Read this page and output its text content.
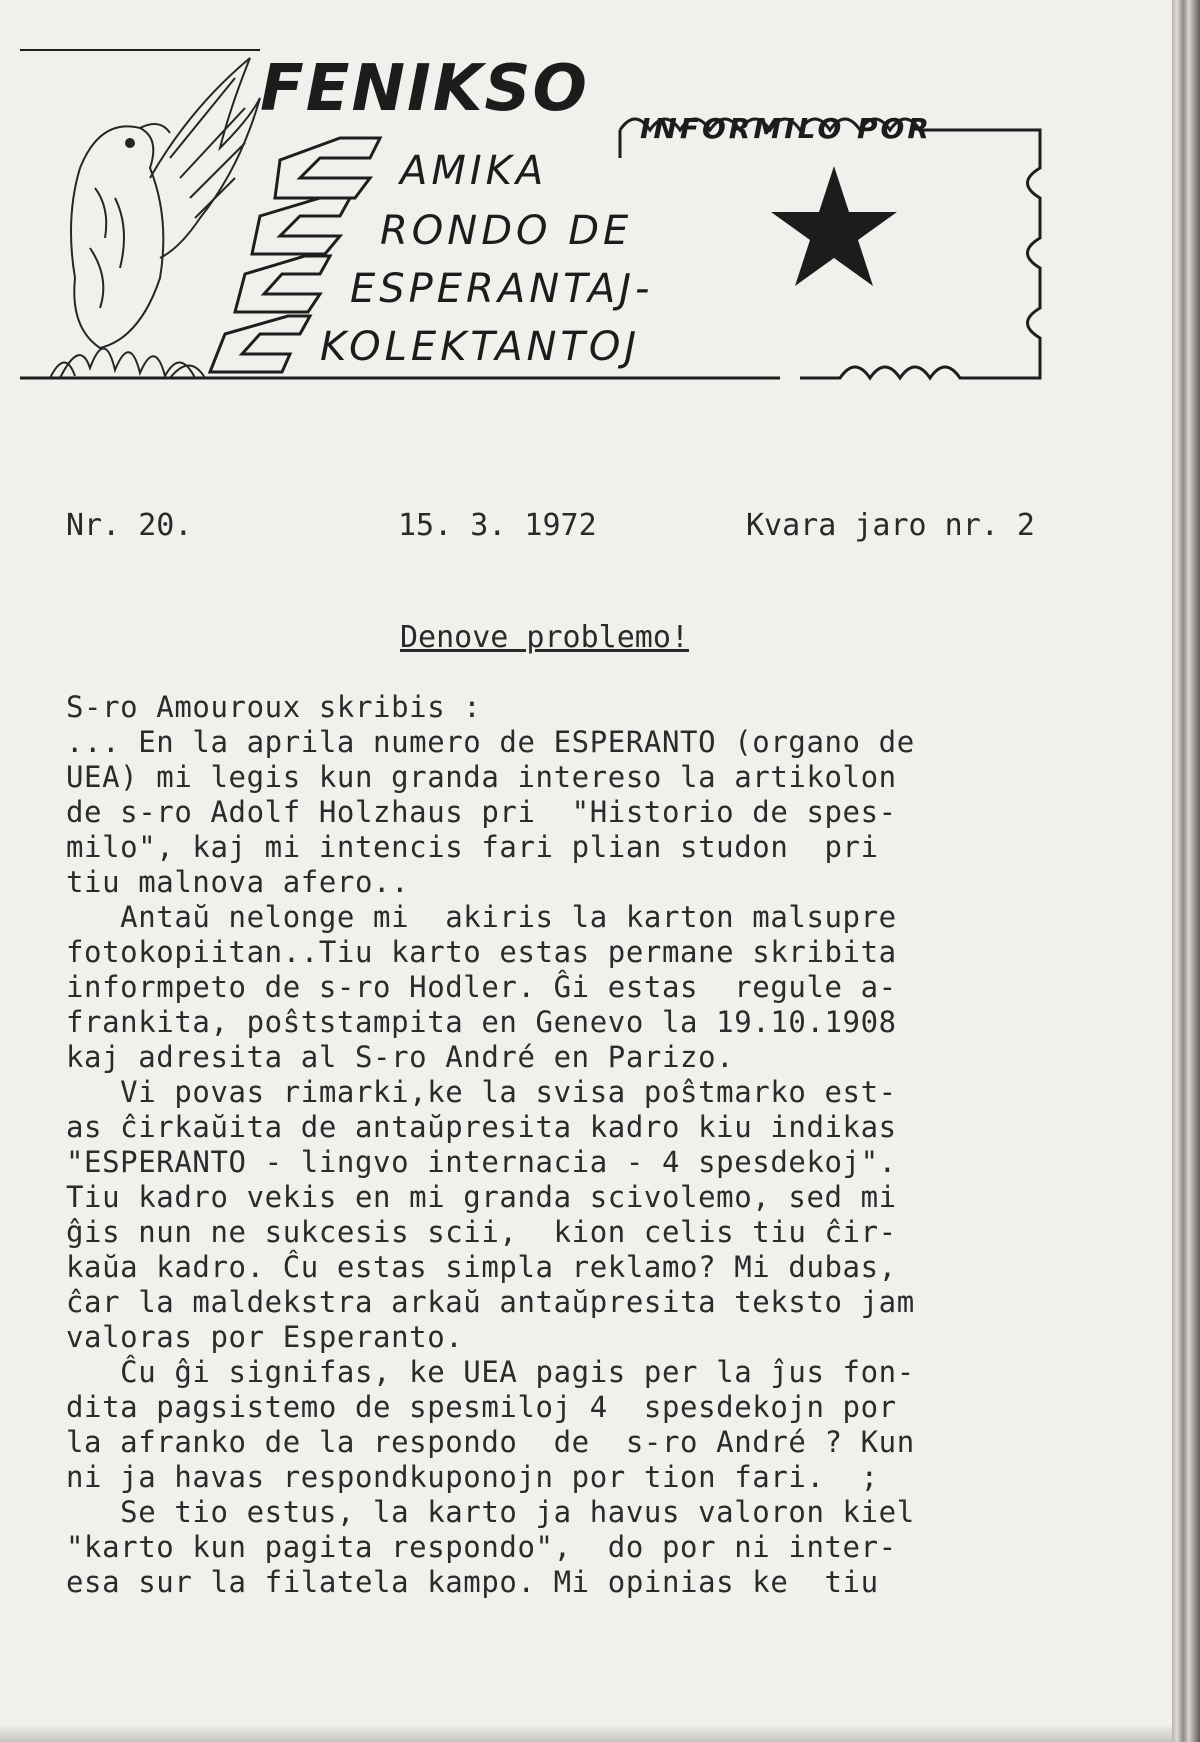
FENIKSO
INFORMILO POR
AMIKA
RONDO DE
ESPERANTAJ-
KOLEKTANTOJ
Nr. 20.	15. 3. 1972	Kvara jaro nr. 2
Denove problemo!
S-ro Amouroux skribis :
... En la aprila numero de ESPERANTO (organo de
UEA) mi legis kun granda intereso la artikolon
de s-ro Adolf Holzhaus pri  "Historio de spes-
milo", kaj mi intencis fari plian studon  pri
tiu malnova afero..
Antaŭ nelonge mi  akiris la karton malsupre
fotokopiitan..Tiu karto estas permane skribita
informpeto de s-ro Hodler. Ĝi estas  regule a-
frankita, poŝtstampita en Genevo la 19.10.1908
kaj adresita al S-ro André en Parizo.
Vi povas rimarki,ke la svisa poŝtmarko est-
as ĉirkaŭita de antaŭpresita kadro kiu indikas
"ESPERANTO - lingvo internacia - 4 spesdekoj".
Tiu kadro vekis en mi granda scivolemo, sed mi
ĝis nun ne sukcesis scii,  kion celis tiu ĉir-
kaŭa kadro. Ĉu estas simpla reklamo? Mi dubas,
ĉar la maldekstra arkaŭ antaŭpresita teksto jam
valoras por Esperanto.
Ĉu ĝi signifas, ke UEA pagis per la ĵus fon-
dita pagsistemo de spesmiloj 4  spesdekojn por
la afranko de la respondo  de  s-ro André ? Kun
ni ja havas respondkuponojn por tion fari.  ;
Se tio estus, la karto ja havus valoron kiel
"karto kun pagita respondo",  do por ni inter-
esa sur la filatela kampo. Mi opinias ke  tiu
